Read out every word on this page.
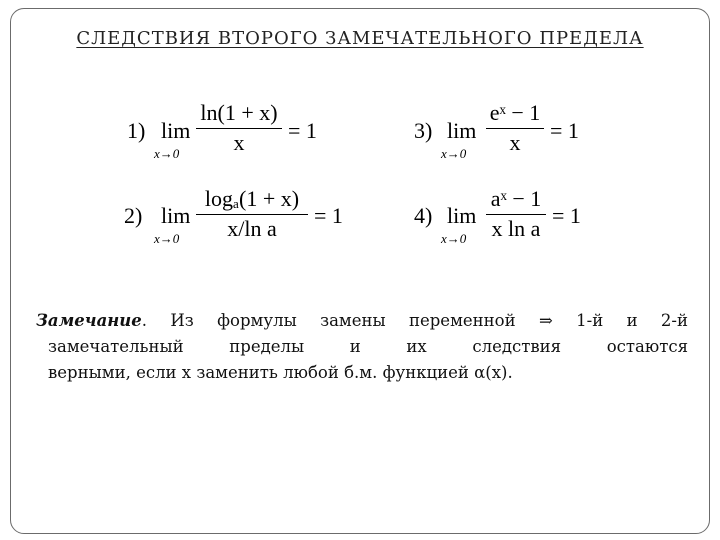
СЛЕДСТВИЯ ВТОРОГО ЗАМЕЧАТЕЛЬНОГО ПРЕДЕЛА
1) lim
x→0
ln(1 + x)
x	= 1	3) lim
x→0
eˣ − 1
x	= 1
2) lim
x→0
logₐ(1 + x)
x/ln a
= 1	4) lim
x→0
aˣ − 1
x ln a
= 1
Замечание. Из формулы замены переменной ⇒ 1-й и 2-й
замечательный пределы и их следствия остаются
верными, если x заменить любой б.м. функцией α(x).
